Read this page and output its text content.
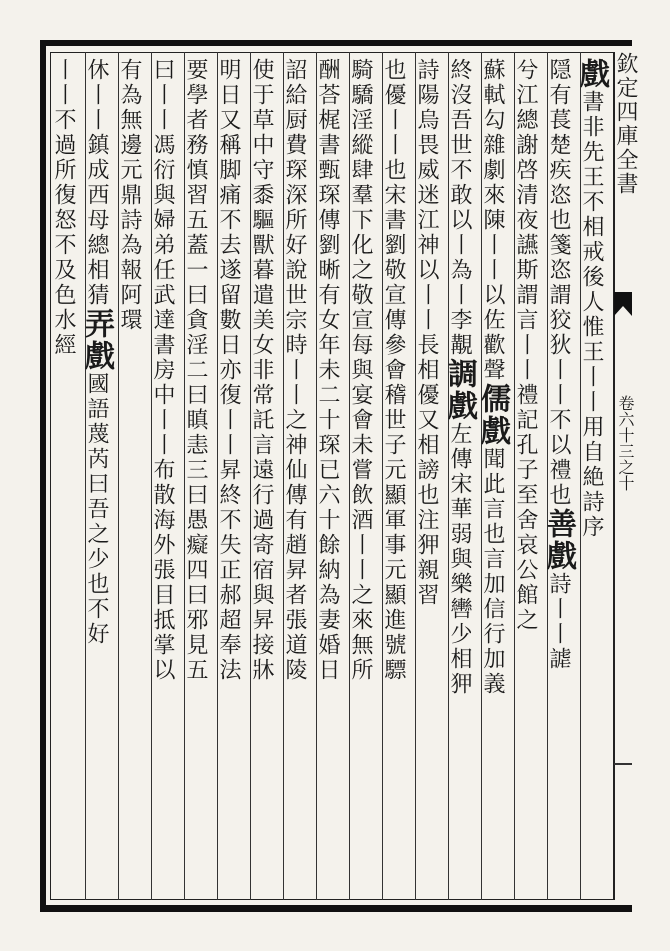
欽定四庫全書
卷六十三之十
戲書非先王不相戒後人惟王丨丨用自絶詩序
隠有萇楚疾恣也箋恣謂狡狄丨丨不以禮也善戲詩丨丨謔
兮江總謝啓清夜讌斯謂言丨丨禮記孔子至舍哀公館之
蘇軾勾雜劇來陳丨丨以佐歡聲儒戲聞此言也言加信行加義
終沒吾世不敢以丨為丨李覯調戲左傳宋華弱與樂轡少相狎
詩陽烏畏威迷江神以丨丨長相優又相謗也注狎親習
也優丨丨也宋書劉敬宣傳參會稽世子元顯軍事元顯進號驃
騎驕淫縱肆羣下化之敬宣每與宴會未嘗飲酒丨丨之來無所
酬荅梶書甄琛傳劉晰有女年未二十琛已六十餘納為妻婚日
詔給厨費琛深所好說世宗時丨丨之神仙傳有趙昇者張道陵
使于草中守黍驅獸暮遣美女非常託言遠行過寄宿與昇接牀
明日又稱脚痛不去遂留數日亦復丨丨昇終不失正郝超奉法
要學者務慎習五蓋一曰貪淫二曰瞋恚三曰愚癡四曰邪見五
曰丨丨馮衍與婦弟任武達書房中丨丨布散海外張目抵掌以
有為無邊元鼎詩為報阿環
休丨丨鎮成西母總相猜弄戲國語蔑芮曰吾之少也不好
丨丨不過所復怒不及色水經
